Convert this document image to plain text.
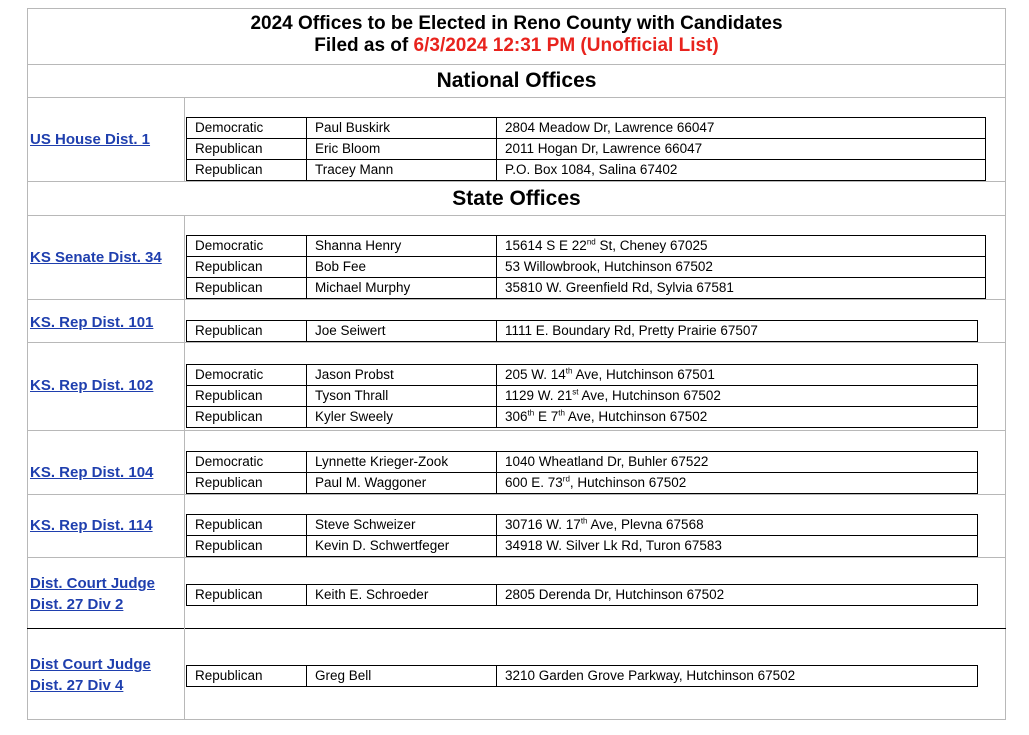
2024 Offices to be Elected in Reno County with Candidates
Filed as of 6/3/2024 12:31 PM (Unofficial List)
National Offices
State Offices
US House Dist. 1
Democratic	Paul Buskirk	2804 Meadow Dr, Lawrence 66047
Republican	Eric Bloom	2011 Hogan Dr, Lawrence 66047
Republican	Tracey Mann	P.O. Box 1084, Salina 67402
KS Senate Dist. 34
Democratic	Shanna Henry	15614 S E 22nd St, Cheney 67025
Republican	Bob Fee	53 Willowbrook, Hutchinson 67502
Republican	Michael Murphy	35810 W. Greenfield Rd, Sylvia 67581
KS. Rep Dist. 101	Republican	Joe Seiwert	1111 E. Boundary Rd, Pretty Prairie 67507
KS. Rep Dist. 102
Democratic	Jason Probst	205 W. 14th Ave, Hutchinson 67501
Republican	Tyson Thrall	1129 W. 21st Ave, Hutchinson 67502
Republican	Kyler Sweely	306th E 7th Ave, Hutchinson 67502
KS. Rep Dist. 104
Democratic	Lynnette Krieger-Zook	1040 Wheatland Dr, Buhler 67522
Republican	Paul M. Waggoner	600 E. 73rd, Hutchinson 67502
KS. Rep Dist. 114	Republican	Steve Schweizer	30716 W. 17th Ave, Plevna 67568
Republican	Kevin D. Schwertfeger	34918 W. Silver Lk Rd, Turon 67583
Dist. Court Judge
Dist. 27 Div 2
Republican	Keith E. Schroeder	2805 Derenda Dr, Hutchinson 67502
Dist Court Judge
Dist. 27 Div 4
Republican	Greg Bell	3210 Garden Grove Parkway, Hutchinson 67502
